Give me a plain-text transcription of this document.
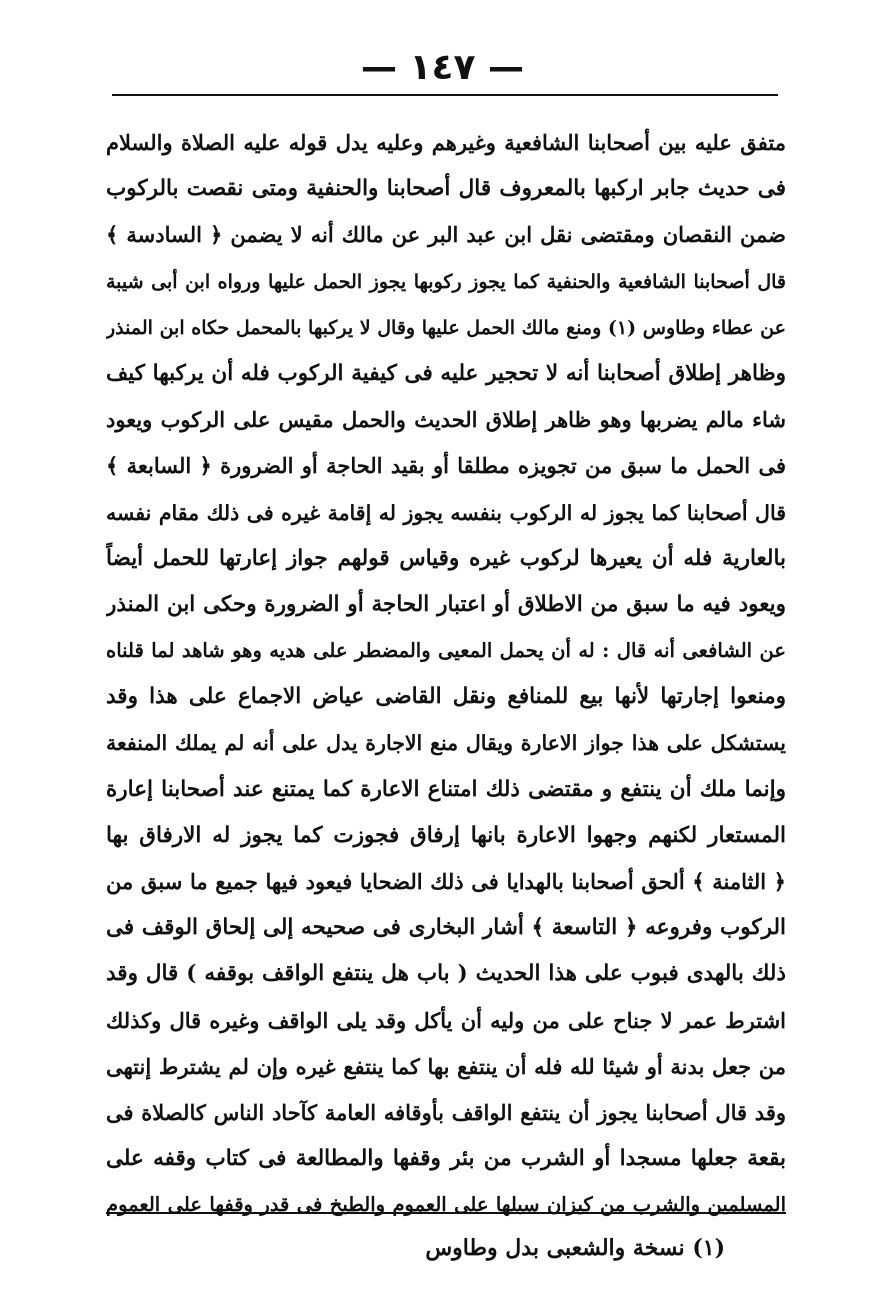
— ١٤٧ —
متفق عليه بين أصحابنا الشافعية وغيرهم وعليه يدل قوله عليه الصلاة والسلام
فى حديث جابر اركبها بالمعروف قال أصحابنا والحنفية ومتى نقصت بالركوب
ضمن النقصان ومقتضى نقل ابن عبد البر عن مالك أنه لا يضمن ﴿ السادسة ﴾
قال أصحابنا الشافعية والحنفية كما يجوز ركوبها يجوز الحمل عليها ورواه ابن أبى شيبة
عن عطاء وطاوس (١) ومنع مالك الحمل عليها وقال لا يركبها بالمحمل حكاه ابن المنذر
وظاهر إطلاق أصحابنا أنه لا تحجير عليه فى كيفية الركوب فله أن يركبها كيف
شاء مالم يضربها وهو ظاهر إطلاق الحديث والحمل مقيس على الركوب ويعود
فى الحمل ما سبق من تجويزه مطلقا أو بقيد الحاجة أو الضرورة ﴿ السابعة ﴾
قال أصحابنا كما يجوز له الركوب بنفسه يجوز له إقامة غيره فى ذلك مقام نفسه
بالعارية فله أن يعيرها لركوب غيره وقياس قولهم جواز إعارتها للحمل أيضاً
ويعود فيه ما سبق من الاطلاق أو اعتبار الحاجة أو الضرورة وحكى ابن المنذر
عن الشافعى أنه قال : له أن يحمل المعيى والمضطر على هديه وهو شاهد لما قلناه
ومنعوا إجارتها لأنها بيع للمنافع ونقل القاضى عياض الاجماع على هذا وقد
يستشكل على هذا جواز الاعارة ويقال منع الاجارة يدل على أنه لم يملك المنفعة
وإنما ملك أن ينتفع و مقتضى ذلك امتناع الاعارة كما يمتنع عند أصحابنا إعارة
المستعار لكنهم وجهوا الاعارة بانها إرفاق فجوزت كما يجوز له الارفاق بها
﴿ الثامنة ﴾ ألحق أصحابنا بالهدايا فى ذلك الضحايا فيعود فيها جميع ما سبق من
الركوب وفروعه ﴿ التاسعة ﴾ أشار البخارى فى صحيحه إلى إلحاق الوقف فى
ذلك بالهدى فبوب على هذا الحديث ( باب هل ينتفع الواقف بوقفه ) قال وقد
اشترط عمر لا جناح على من وليه أن يأكل وقد يلى الواقف وغيره قال وكذلك
من جعل بدنة أو شيئا لله فله أن ينتفع بها كما ينتفع غيره وإن لم يشترط إنتهى
وقد قال أصحابنا يجوز أن ينتفع الواقف بأوقافه العامة كآحاد الناس كالصلاة فى
بقعة جعلها مسجدا أو الشرب من بئر وقفها والمطالعة فى كتاب وقفه على
المسلمين والشرب من كيزان سبلها على العموم والطبخ فى قدر وقفها على العموم
(١) نسخة والشعبى بدل وطاوس
